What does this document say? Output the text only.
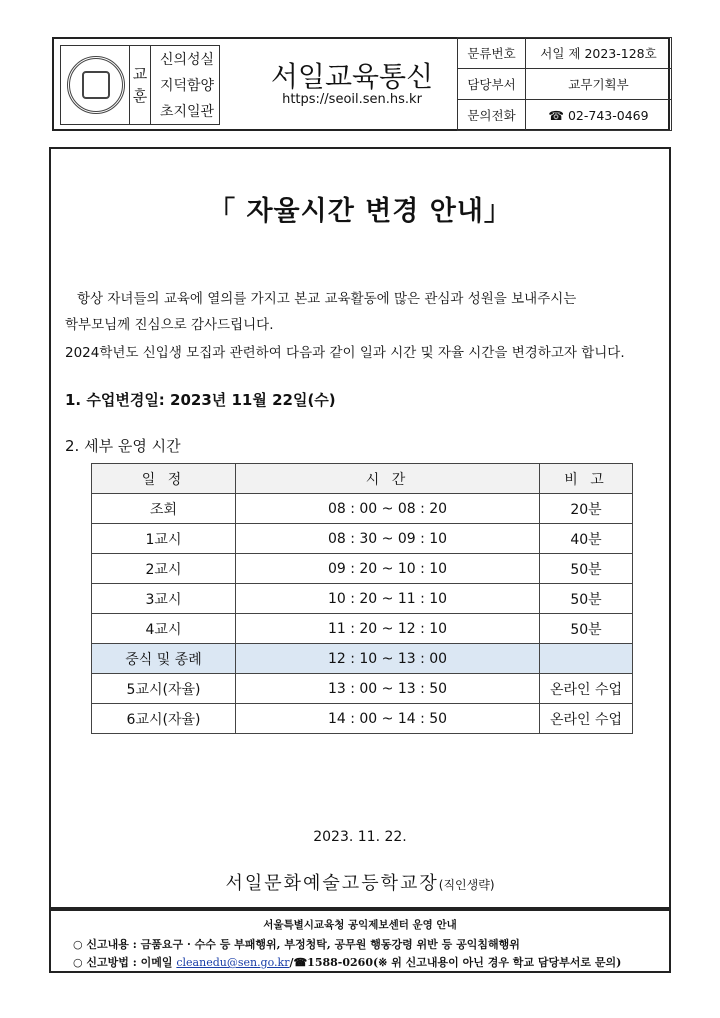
교
훈
신의성실
지덕함양
초지일관
서일교육통신
https://seoil.sen.hs.kr
문류번호	서일 제 2023-128호
담당부서	교무기획부
문의전화	☎ 02-743-0469
「 자율시간 변경 안내」
항상 자녀들의 교육에 열의를 가지고 본교 교육활동에 많은 관심과 성원을 보내주시는
학부모님께 진심으로 감사드립니다.
2024학년도 신입생 모집과 관련하여 다음과 같이 일과 시간 및 자율 시간을 변경하고자 합니다.
1. 수업변경일: 2023년 11월 22일(수)
2. 세부 운영 시간
일 정	시 간	비 고
조회	08 : 00 ~ 08 : 20	20분
1교시	08 : 30 ~ 09 : 10	40분
2교시	09 : 20 ~ 10 : 10	50분
3교시	10 : 20 ~ 11 : 10	50분
4교시	11 : 20 ~ 12 : 10	50분
중식 및 종례	12 : 10 ~ 13 : 00	
5교시(자율)	13 : 00 ~ 13 : 50	온라인 수업
6교시(자율)	14 : 00 ~ 14 : 50	온라인 수업
2023. 11. 22.
서일문화예술고등학교장(직인생략)
서울특별시교육청 공익제보센터 운영 안내
○ 신고내용 : 금품요구 · 수수 등 부패행위, 부정청탁, 공무원 행동강령 위반 등 공익침해행위
○ 신고방법 : 이메일 cleanedu@sen.go.kr/☎1588-0260(※ 위 신고내용이 아닌 경우 학교 담당부서로 문의)
